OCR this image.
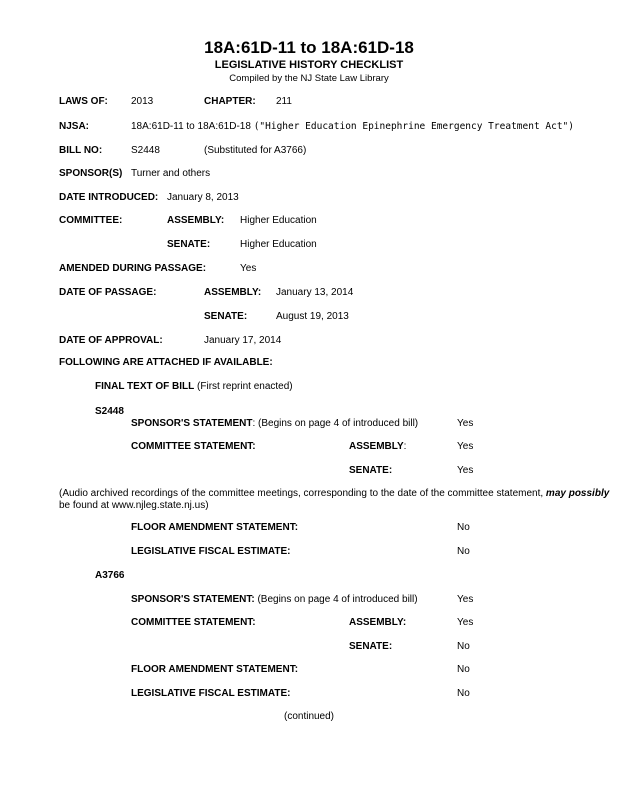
18A:61D-11 to 18A:61D-18
LEGISLATIVE HISTORY CHECKLIST
Compiled by the NJ State Law Library
LAWS OF: 2013	CHAPTER: 211
NJSA:	18A:61D-11 to 18A:61D-18 ("Higher Education Epinephrine Emergency Treatment Act")
BILL NO:	S2448	(Substituted for A3766)
SPONSOR(S) Turner and others
DATE INTRODUCED: January 8, 2013
COMMITTEE:	ASSEMBLY: Higher Education
SENATE:	Higher Education
AMENDED DURING PASSAGE:	Yes
DATE OF PASSAGE:	ASSEMBLY: January 13, 2014
SENATE:	August 19, 2013
DATE OF APPROVAL:	January 17, 2014
FOLLOWING ARE ATTACHED IF AVAILABLE:
FINAL TEXT OF BILL (First reprint enacted)
S2448
SPONSOR'S STATEMENT: (Begins on page 4 of introduced bill)	Yes
COMMITTEE STATEMENT:	ASSEMBLY:	Yes
SENATE:	Yes
(Audio archived recordings of the committee meetings, corresponding to the date of the committee statement, may possibly
be found at www.njleg.state.nj.us)
FLOOR AMENDMENT STATEMENT:	No
LEGISLATIVE FISCAL ESTIMATE:	No
A3766
SPONSOR'S STATEMENT: (Begins on page 4 of introduced bill)	Yes
COMMITTEE STATEMENT:	ASSEMBLY:	Yes
SENATE:	No
FLOOR AMENDMENT STATEMENT:	No
LEGISLATIVE FISCAL ESTIMATE:	No
(continued)
